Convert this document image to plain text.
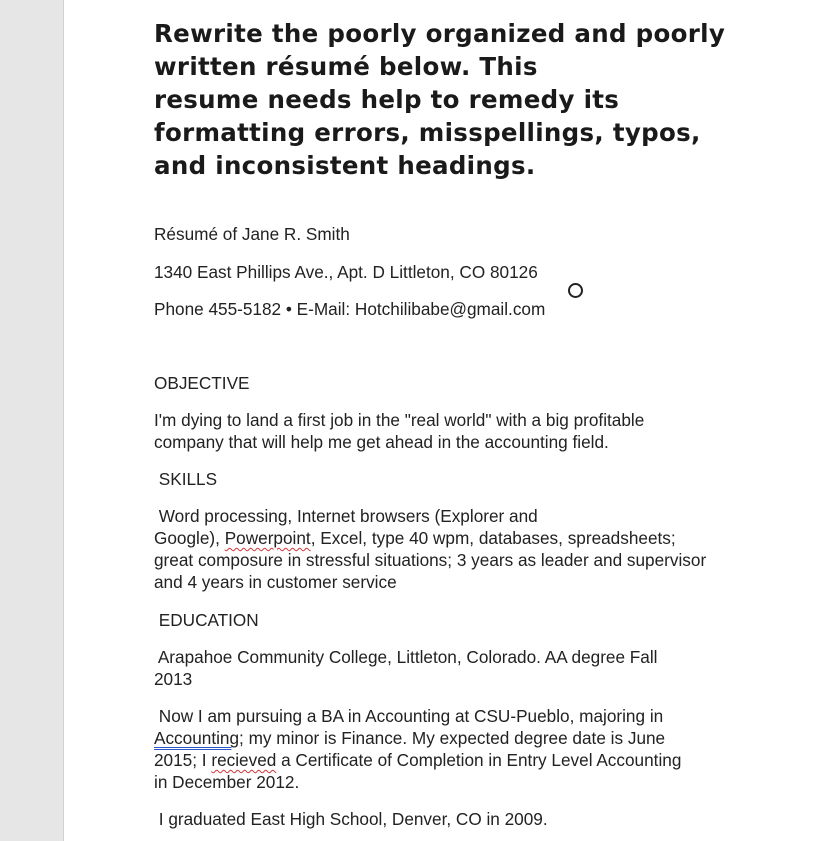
Rewrite the poorly organized and poorly
written résumé below. This
resume needs help to remedy its
formatting errors, misspellings, typos,
and inconsistent headings.

Résumé of Jane R. Smith

1340 East Phillips Ave., Apt. D Littleton, CO 80126

Phone 455-5182 • E-Mail: Hotchilibabe@gmail.com

OBJECTIVE

I'm dying to land a first job in the "real world" with a big profitable
company that will help me get ahead in the accounting field.

SKILLS

Word processing, Internet browsers (Explorer and
Google), Powerpoint, Excel, type 40 wpm, databases, spreadsheets;
great composure in stressful situations; 3 years as leader and supervisor
and 4 years in customer service

EDUCATION

Arapahoe Community College, Littleton, Colorado. AA degree Fall
2013

Now I am pursuing a BA in Accounting at CSU-Pueblo, majoring in
Accounting; my minor is Finance. My expected degree date is June
2015; I recieved a Certificate of Completion in Entry Level Accounting
in December 2012.

I graduated East High School, Denver, CO in 2009.
